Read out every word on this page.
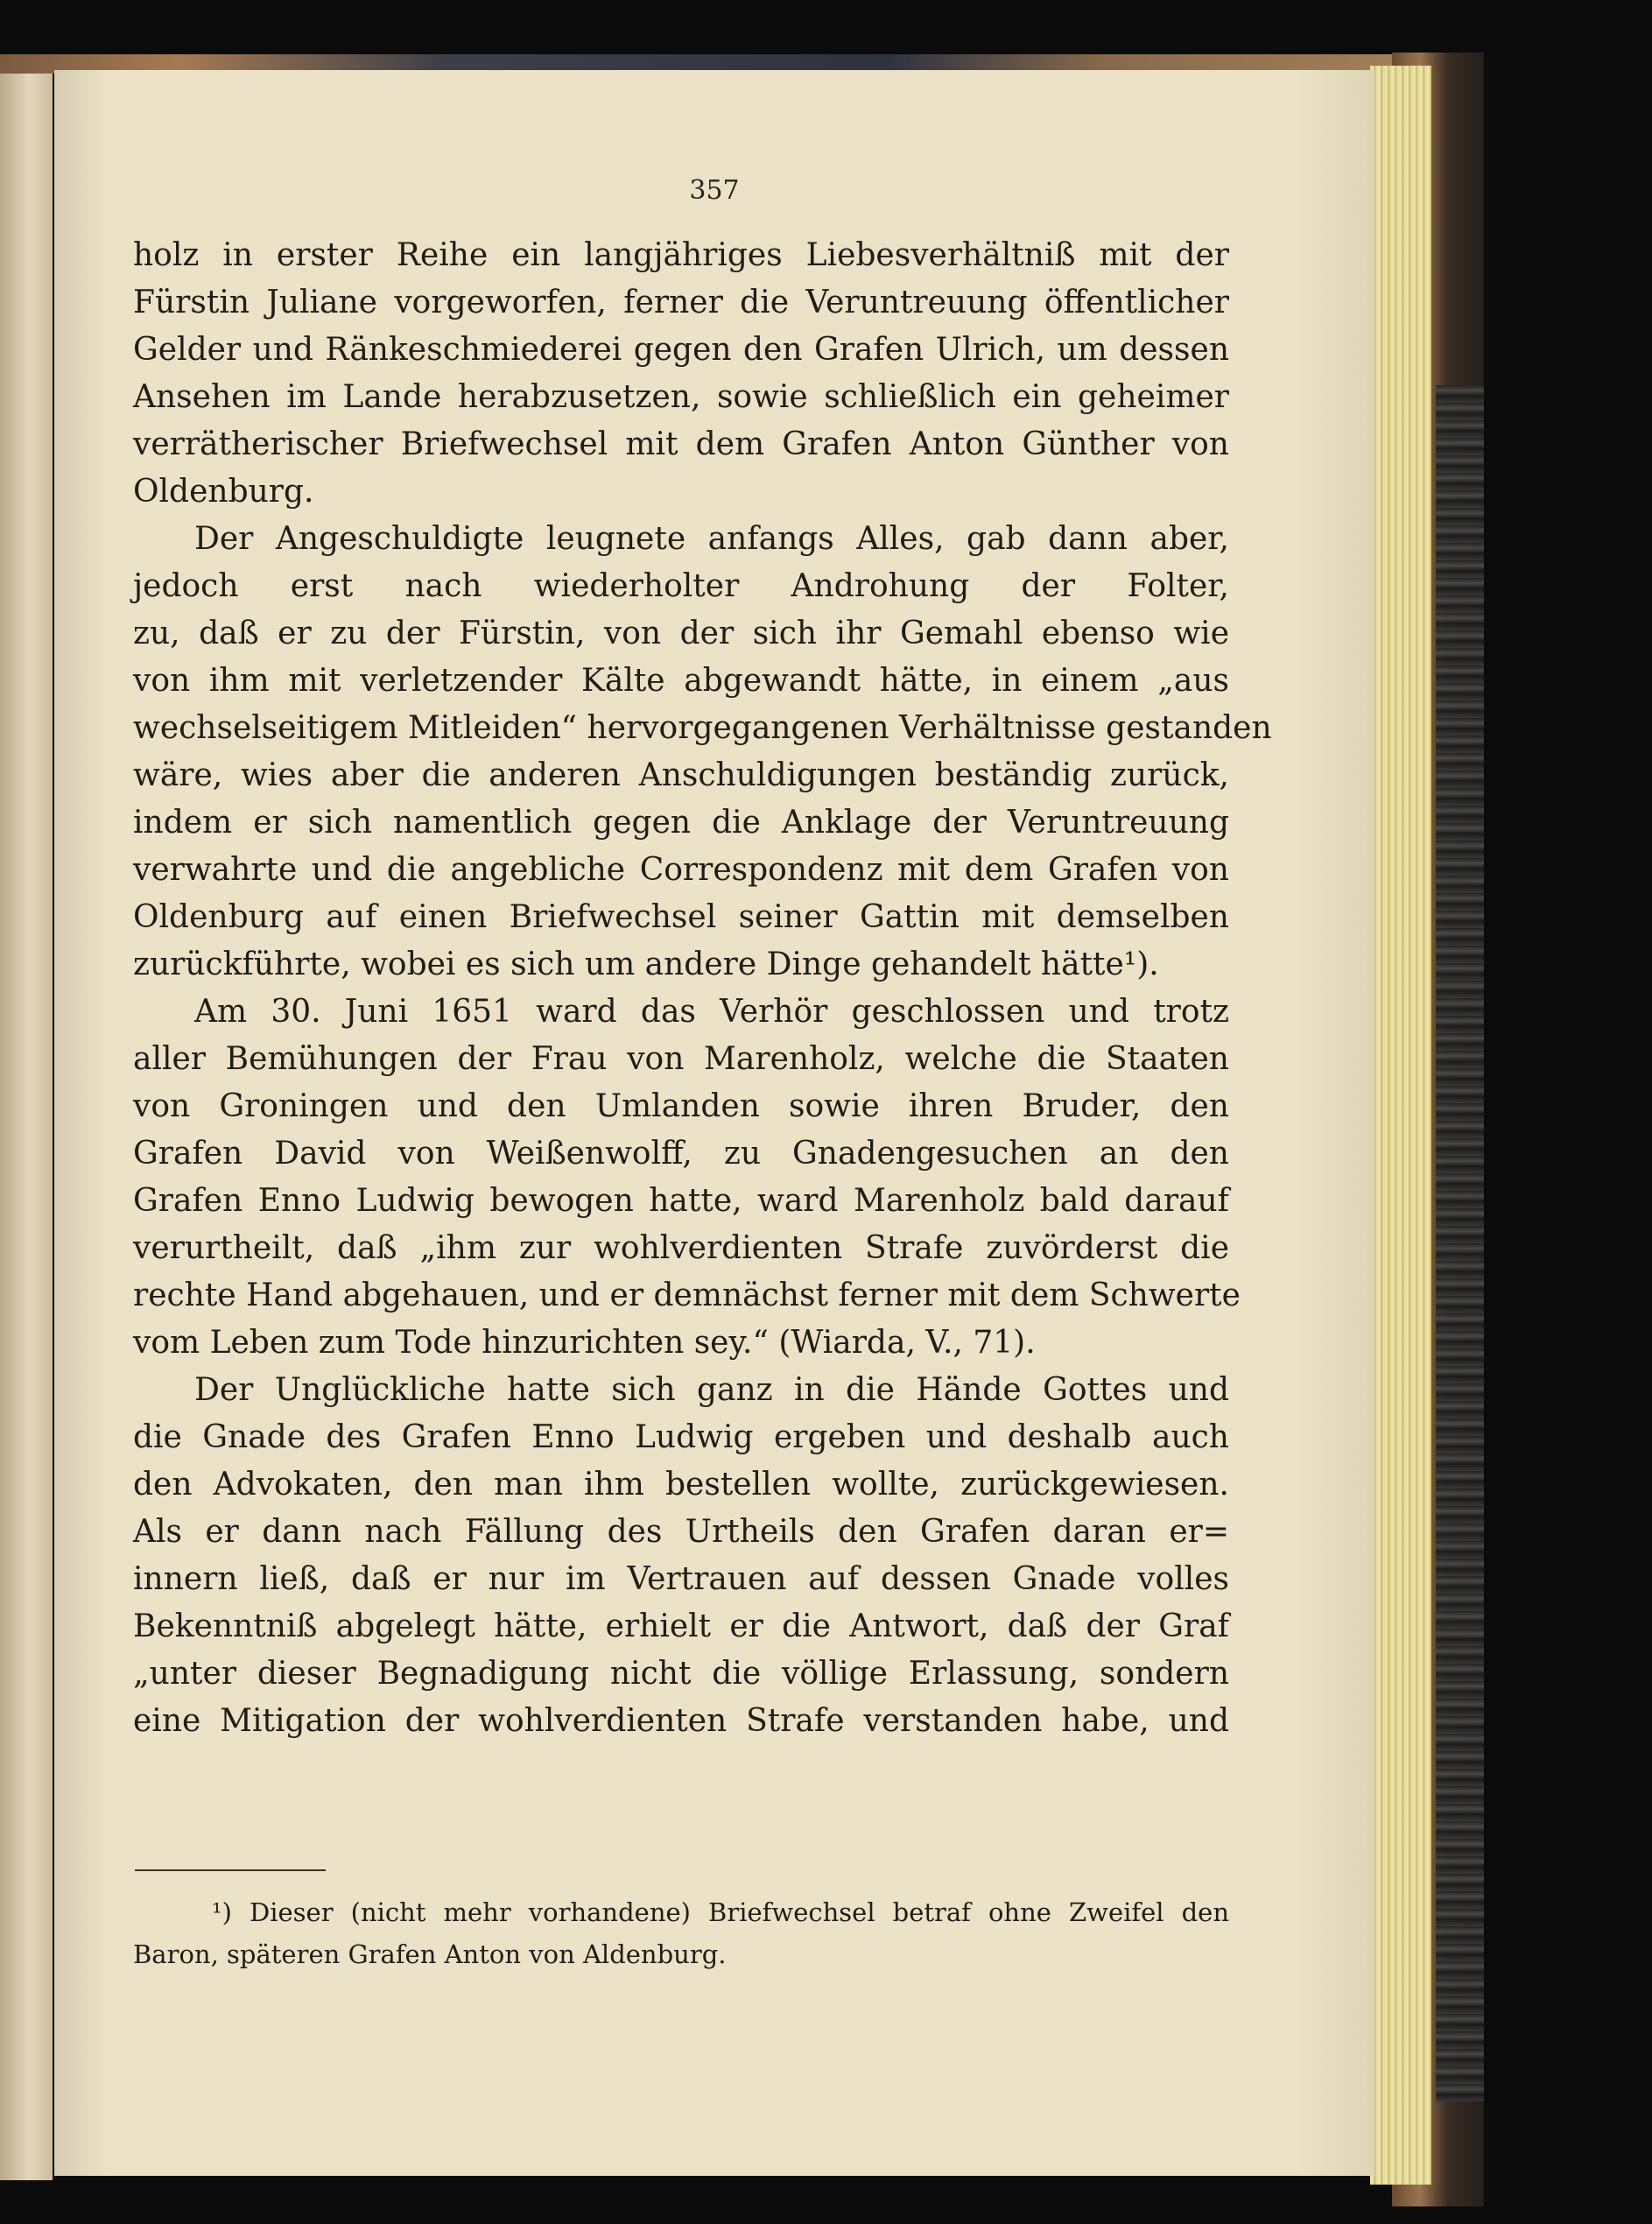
357
holz in erster Reihe ein langjähriges Liebesverhältniß mit der
Fürstin Juliane vorgeworfen, ferner die Veruntreuung öffentlicher
Gelder und Ränkeschmiederei gegen den Grafen Ulrich, um dessen
Ansehen im Lande herabzusetzen, sowie schließlich ein geheimer
verrätherischer Briefwechsel mit dem Grafen Anton Günther von
Oldenburg.
Der Angeschuldigte leugnete anfangs Alles, gab dann aber,
jedoch erst nach wiederholter Androhung der Folter,
zu, daß er zu der Fürstin, von der sich ihr Gemahl ebenso wie
von ihm mit verletzender Kälte abgewandt hätte, in einem „aus
wechselseitigem Mitleiden“ hervorgegangenen Verhältnisse gestanden
wäre, wies aber die anderen Anschuldigungen beständig zurück,
indem er sich namentlich gegen die Anklage der Veruntreuung
verwahrte und die angebliche Correspondenz mit dem Grafen von
Oldenburg auf einen Briefwechsel seiner Gattin mit demselben
zurückführte, wobei es sich um andere Dinge gehandelt hätte¹).
Am 30. Juni 1651 ward das Verhör geschlossen und trotz
aller Bemühungen der Frau von Marenholz, welche die Staaten
von Groningen und den Umlanden sowie ihren Bruder, den
Grafen David von Weißenwolff, zu Gnadengesuchen an den
Grafen Enno Ludwig bewogen hatte, ward Marenholz bald darauf
verurtheilt, daß „ihm zur wohlverdienten Strafe zuvörderst die
rechte Hand abgehauen, und er demnächst ferner mit dem Schwerte
vom Leben zum Tode hinzurichten sey.“ (Wiarda, V., 71).
Der Unglückliche hatte sich ganz in die Hände Gottes und
die Gnade des Grafen Enno Ludwig ergeben und deshalb auch
den Advokaten, den man ihm bestellen wollte, zurückgewiesen.
Als er dann nach Fällung des Urtheils den Grafen daran er=
innern ließ, daß er nur im Vertrauen auf dessen Gnade volles
Bekenntniß abgelegt hätte, erhielt er die Antwort, daß der Graf
„unter dieser Begnadigung nicht die völlige Erlassung, sondern
eine Mitigation der wohlverdienten Strafe verstanden habe, und
¹) Dieser (nicht mehr vorhandene) Briefwechsel betraf ohne Zweifel den
Baron, späteren Grafen Anton von Aldenburg.
